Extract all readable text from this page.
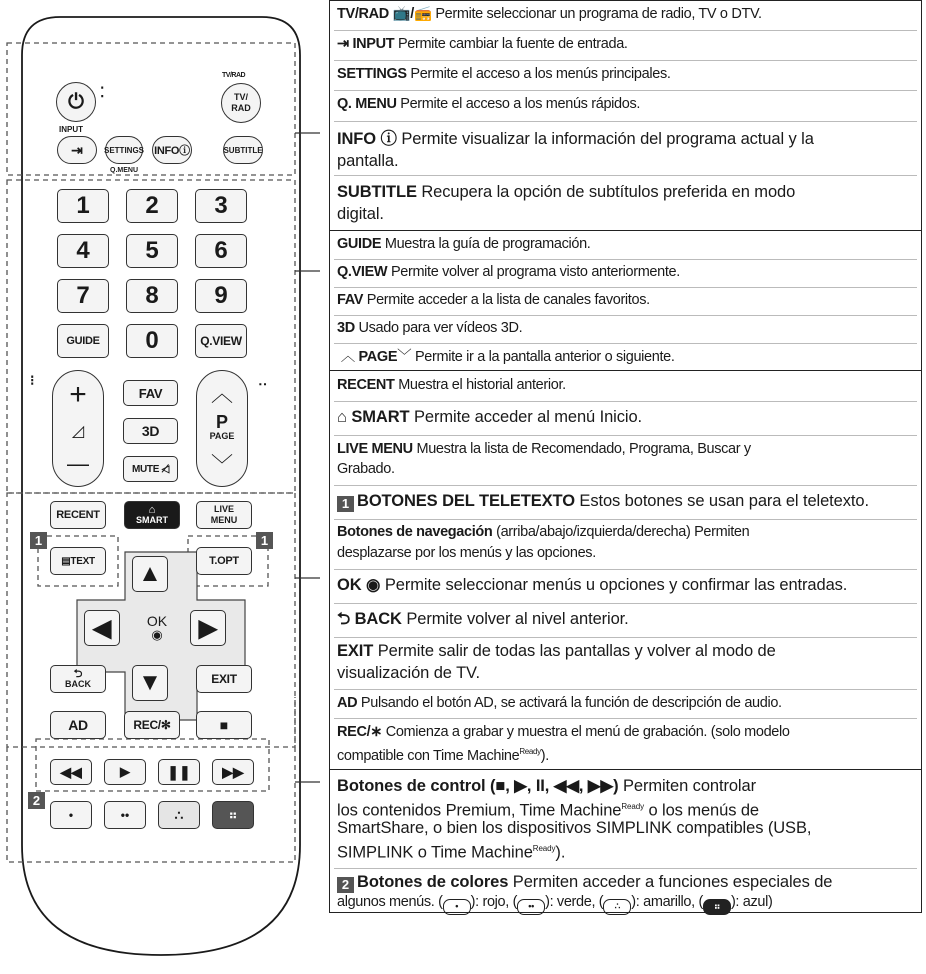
⏻	⁚
TV/RAD
TV/
RAD
INPUT
⇥	SETTINGS
Q.MENU
INFOⓘ	SUBTITLE
1	2	3
4	5	6
7	8	9
GUIDE	0	Q.VIEW
⁝ +
◿
—
FAV
3D
MUTE
◁̸
‥
︿
P
PAGE
﹀
RECENT	⌂
SMART
LIVE
MENU
1	1
▤ TEXT	T.OPT
▲
◀	▶
OK
◉
▼
⮌
BACK	EXIT
AD	REC/✻	■
◀◀	▶	❚❚	▶▶
2
•	••	∴	⠶
TV/RAD 📺/📻 Permite seleccionar un programa de radio, TV o DTV.
⇥ INPUT Permite cambiar la fuente de entrada.
SETTINGS Permite el acceso a los menús principales.
Q. MENU Permite el acceso a los menús rápidos.
INFO ⓘ Permite visualizar la información del programa actual y la
pantalla.
SUBTITLE Recupera la opción de subtítulos preferida en modo
digital.
GUIDE Muestra la guía de programación.
Q.VIEW Permite volver al programa visto anteriormente.
FAV Permite acceder a la lista de canales favoritos.
3D Usado para ver vídeos 3D.
︿ PAGE﹀ Permite ir a la pantalla anterior o siguiente.
RECENT Muestra el historial anterior.
⌂ SMART Permite acceder al menú Inicio.
LIVE MENU Muestra la lista de Recomendado, Programa, Buscar y
Grabado.
1 BOTONES DEL TELETEXTO Estos botones se usan para el teletexto.
Botones de navegación (arriba/abajo/izquierda/derecha) Permiten
desplazarse por los menús y las opciones.
OK ◉ Permite seleccionar menús u opciones y confirmar las entradas.
⮌ BACK Permite volver al nivel anterior.
EXIT Permite salir de todas las pantallas y volver al modo de
visualización de TV.
AD Pulsando el botón AD, se activará la función de descripción de audio.
REC/∗ Comienza a grabar y muestra el menú de grabación. (solo modelo
compatible con Time Machine$^{Ready}$).
Botones de control (■, ▶, II, ◀◀, ▶▶) Permiten controlar
los contenidos Premium, Time Machine$^{Ready}$ o los menús de
SmartShare, o bien los dispositivos SIMPLINK compatibles (USB,
SIMPLINK o Time Machine$^{Ready}$).
2 Botones de colores Permiten acceder a funciones especiales de
algunos menús. ( • ): rojo, ( •• ): verde, ( ∴ ): amarillo, ( ⠶ ): azul)
